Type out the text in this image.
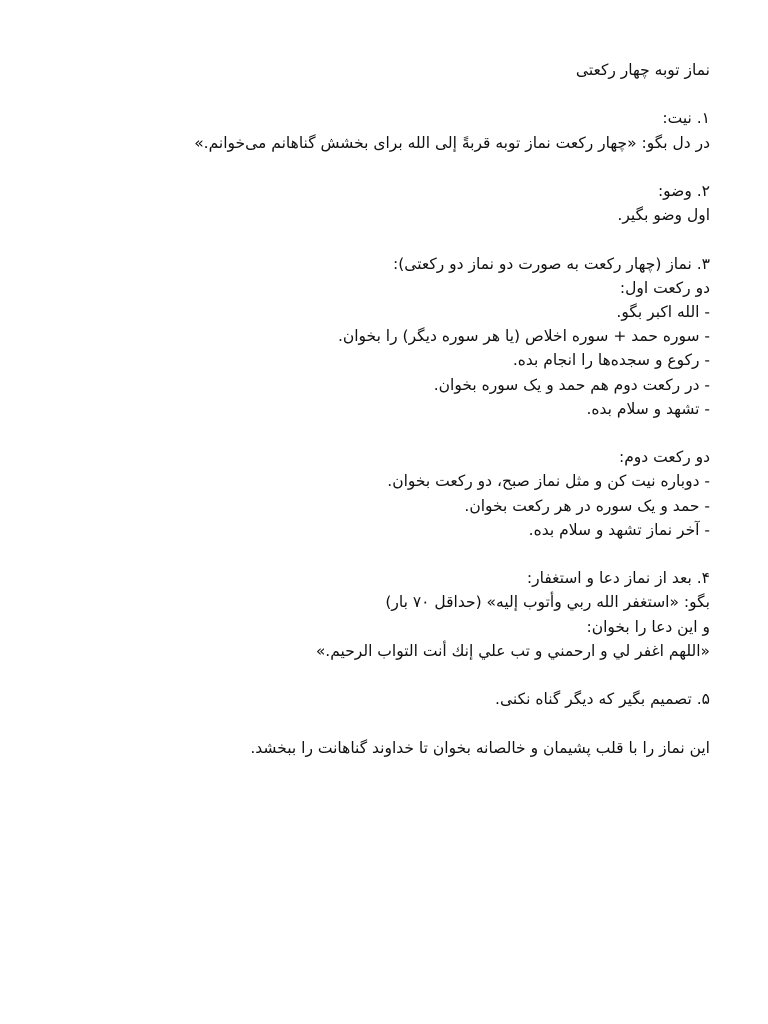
نماز توبه چهار رکعتی
۱. نیت:
در دل بگو: «چهار رکعت نماز توبه قربةً إلی الله برای بخشش گناهانم می‌خوانم.»
۲. وضو:
اول وضو بگیر.
۳. نماز (چهار رکعت به صورت دو نماز دو رکعتی):
دو رکعت اول:
- الله اکبر بگو.
- سوره حمد + سوره اخلاص (یا هر سوره دیگر) را بخوان.
- رکوع و سجده‌ها را انجام بده.
- در رکعت دوم هم حمد و یک سوره بخوان.
- تشهد و سلام بده.
دو رکعت دوم:
- دوباره نیت کن و مثل نماز صبح، دو رکعت بخوان.
- حمد و یک سوره در هر رکعت بخوان.
- آخر نماز تشهد و سلام بده.
۴. بعد از نماز دعا و استغفار:
بگو: «استغفر الله ربي وأتوب إليه» (حداقل ۷۰ بار)
و این دعا را بخوان:
«اللهم اغفر لي و ارحمني و تب علي إنك أنت التواب الرحيم.»
۵. تصمیم بگیر که دیگر گناه نکنی.
این نماز را با قلب پشیمان و خالصانه بخوان تا خداوند گناهانت را ببخشد.
